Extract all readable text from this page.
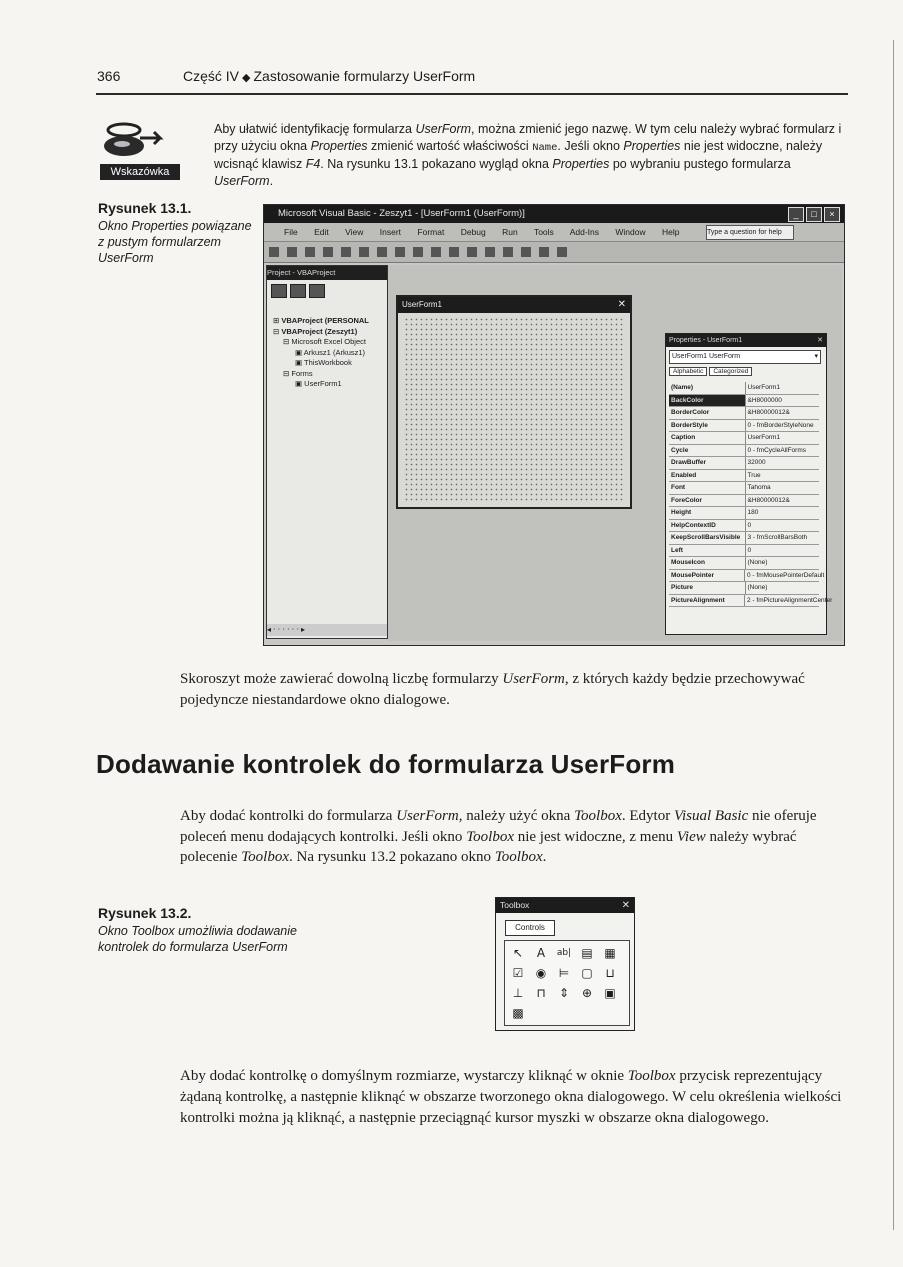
366	Część IV ◆ Zastosowanie formularzy UserForm
Wskazówka
Aby ułatwić identyfikację formularza UserForm, można zmienić jego nazwę. W tym celu należy wybrać formularz i przy użyciu okna Properties zmienić wartość właściwości Name. Jeśli okno Properties nie jest widoczne, należy wcisnąć klawisz F4. Na rysunku 13.1 pokazano wygląd okna Properties po wybraniu pustego formularza UserForm.
Rysunek 13.1.
Okno Properties powiązane z pustym formularzem UserForm
Microsoft Visual Basic - Zeszyt1 - [UserForm1 (UserForm)]	_	□	×
File Edit View Insert Format Debug Run Tools Add-Ins Window Help	Type a question for help
Project - VBAProject
⊞ VBAProject (PERSONAL
⊟ VBAProject (Zeszyt1)
⊟ Microsoft Excel Object
▣ Arkusz1 (Arkusz1)
▣ ThisWorkbook
⊟ Forms
▣ UserForm1
◂ · · · · · · ▸
UserForm1	✕
Properties - UserForm1	✕
UserForm1 UserForm	▾
Alphabetic Categorized
(Name)	UserForm1
BackColor	&H8000000
BorderColor	&H80000012&
BorderStyle	0 - fmBorderStyleNone
Caption	UserForm1
Cycle	0 - fmCycleAllForms
DrawBuffer	32000
Enabled	True
Font	Tahoma
ForeColor	&H80000012&
Height	180
HelpContextID	0
KeepScrollBarsVisible	3 - fmScrollBarsBoth
Left	0
MouseIcon	(None)
MousePointer	0 - fmMousePointerDefault
Picture	(None)
PictureAlignment	2 - fmPictureAlignmentCenter
Skoroszyt może zawierać dowolną liczbę formularzy UserForm, z których każdy będzie przechowywać pojedyncze niestandardowe okno dialogowe.
Dodawanie kontrolek do formularza UserForm
Aby dodać kontrolki do formularza UserForm, należy użyć okna Toolbox. Edytor Visual Basic nie oferuje poleceń menu dodających kontrolki. Jeśli okno Toolbox nie jest widoczne, z menu View należy wybrać polecenie Toolbox. Na rysunku 13.2 pokazano okno Toolbox.
Rysunek 13.2.
Okno Toolbox umożliwia dodawanie kontrolek do formularza UserForm
Toolbox	✕
Controls
↖	A	ab| ▤ ▦
☑	◉	⊨	▢	⊔
⊥	⊓	⇕	⊕	▣
▩
Aby dodać kontrolkę o domyślnym rozmiarze, wystarczy kliknąć w oknie Toolbox przycisk reprezentujący żądaną kontrolkę, a następnie kliknąć w obszarze tworzonego okna dialogowego. W celu określenia wielkości kontrolki można ją kliknąć, a następnie przeciągnąć kursor myszki w obszarze okna dialogowego.
